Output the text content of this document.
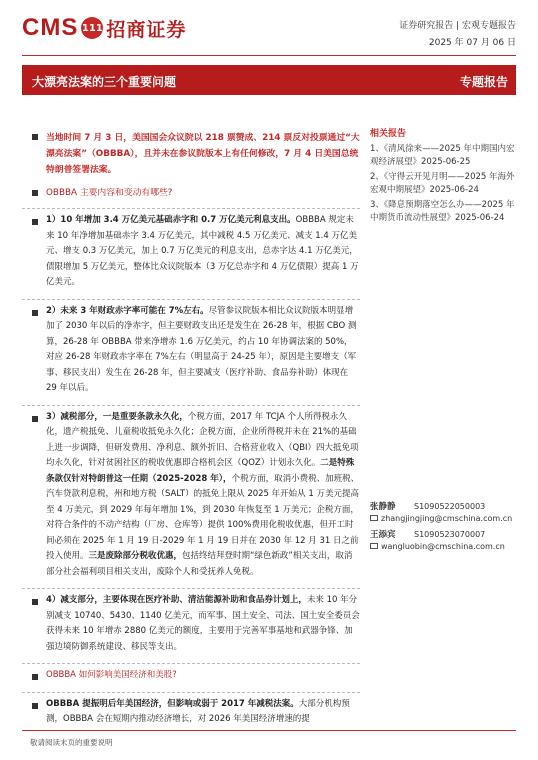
CMS 111 招商证券	证券研究报告 | 宏观专题报告
2025 年 07 月 06 日
大漂亮法案的三个重要问题	专题报告
当地时间 7 月 3 日，美国国会众议院以 218 票赞成、214 票反对投票通过“大漂亮法案”（OBBBA），且并未在参议院版本上有任何修改，7 月 4 日美国总统特朗普签署法案。
OBBBA 主要内容和变动有哪些?
1）10 年增加 3.4 万亿美元基础赤字和 0.7 万亿美元利息支出。OBBBA 规定未来 10 年净增加基础赤字 3.4 万亿美元，其中减税 4.5 万亿美元、减支 1.4 万亿美元、增支 0.3 万亿美元，加上 0.7 万亿美元的利息支出，总赤字达 4.1 万亿美元，债限增加 5 万亿美元，整体比众议院版本（3 万亿总赤字和 4 万亿债限）提高 1 万亿美元。
2）未来 3 年财政赤字率可能在 7%左右。尽管参议院版本相比众议院版本明显增加了 2030 年以后的净赤字，但主要财政支出还是发生在 26-28 年，根据 CBO 测算，26-28 年 OBBBA 带来净增赤 1.6 万亿美元，约占 10 年协调法案的 50%，对应 26-28 年财政赤字率在 7%左右（明显高于 24-25 年），原因是主要增支（军事、移民支出）发生在 26-28 年，但主要减支（医疗补助、食品券补助）体现在 29 年以后。
3）减税部分，一是重要条款永久化，个税方面，2017 年 TCJA 个人所得税永久化，遗产税抵免、儿童税收抵免永久化；企税方面，企业所得税并未在 21%的基础上进一步调降，但研发费用、净利息、额外折旧、合格营业收入（QBI）四大抵免项均永久化，针对贫困社区的税收优惠即合格机会区（QOZ）计划永久化。二是特殊条款仅针对特朗普这一任期（2025-2028 年），个税方面，取消小费税、加班税、汽车贷款利息税，州和地方税（SALT）的抵免上限从 2025 年开始从 1 万美元提高至 4 万美元，到 2029 年每年增加 1%，到 2030 年恢复至 1 万美元；企税方面，对符合条件的不动产结构（厂房、仓库等）提供 100%费用化税收优惠，但开工时间必须在 2025 年 1 月 19 日-2029 年 1 月 19 日并在 2030 年 12 月 31 日之前投入使用。三是废除部分税收优惠，包括终结拜登时期“绿色新政”相关支出，取消部分社会福利项目相关支出，废除个人和受抚养人免税。
4）减支部分，主要体现在医疗补助、清洁能源补助和食品券计划上，未来 10 年分别减支 10740、5430、1140 亿美元，而军事、国土安全、司法、国土安全委员会获得未来 10 年增赤 2880 亿美元的额度，主要用于完善军事基地和武器争锋、加强边境防御系统建设、移民等支出。
OBBBA 如何影响美国经济和美股?
OBBBA 提振明后年美国经济，但影响或弱于 2017 年减税法案。大部分机构预测，OBBBA 会在短期内推动经济增长，对 2026 年美国经济增速的提
相关报告
1、《清风徐来——2025 年中期国内宏观经济展望》2025-06-25
2、《守得云开见月明——2025 年海外宏观中期展望》2025-06-24
3、《降息预期落空怎么办——2025 年中期货币流动性展望》2025-06-24
张静静	S1090522050003
zhangjingjing@cmschina.com.cn
王添宾	S1090523070007
wangluobin@cmschina.com.cn
敬请阅读末页的重要说明
